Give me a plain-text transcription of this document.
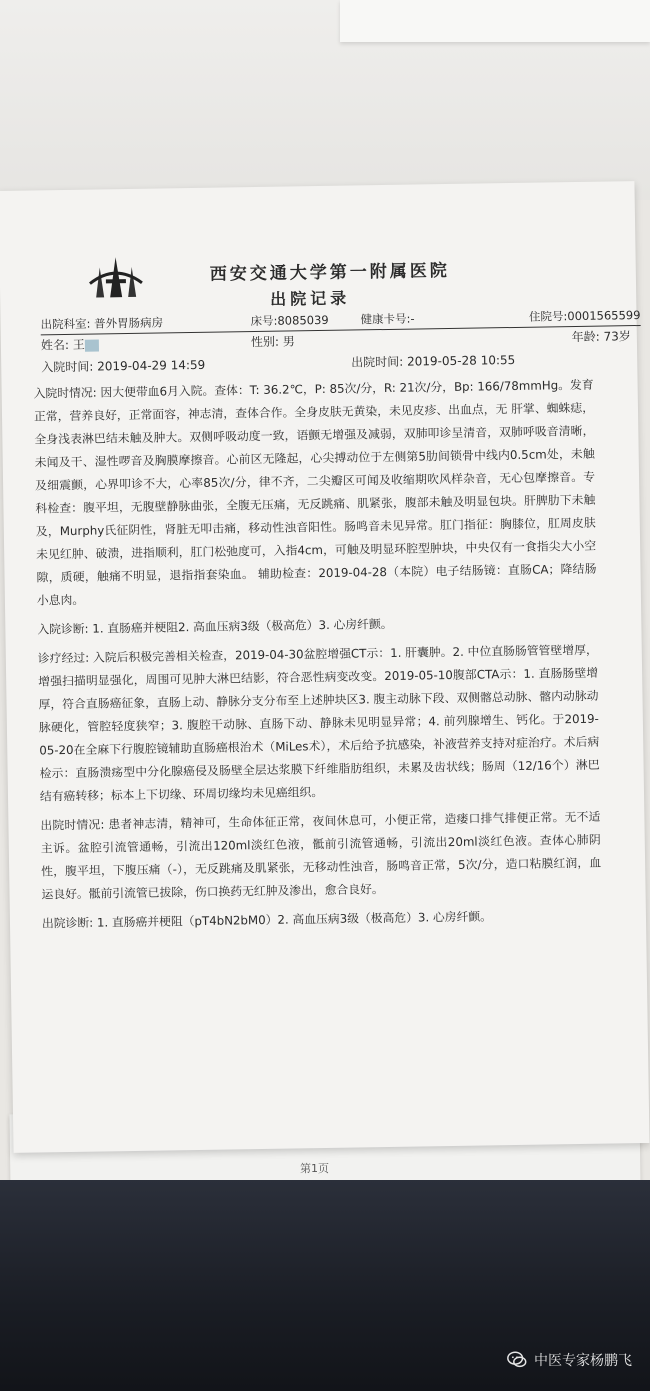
第1页
中医专家杨鹏飞
西安交通大学第一附属医院
出院记录
出院科室: 普外胃肠病房	床号:8085039	健康卡号:-	住院号:0001565599
姓名: 王	性别: 男	年龄: 73岁
入院时间: 2019-04-29 14:59	出院时间: 2019-05-28 10:55

入院时情况: 因大便带血6月入院。查体：T: 36.2℃，P: 85次/分，R: 21次/分，Bp: 166/78mmHg。发育正常，营养良好，正常面容，神志清，查体合作。全身皮肤无黄染，未见皮疹、出血点，无 肝掌、蜘蛛痣，全身浅表淋巴结未触及肿大。双侧呼吸动度一致，语颤无增强及减弱，双肺叩诊呈清音，双肺呼吸音清晰，未闻及干、湿性啰音及胸膜摩擦音。心前区无隆起，心尖搏动位于左侧第5肋间锁骨中线内0.5cm处，未触及细震颤，心界叩诊不大，心率85次/分，律不齐，二尖瓣区可闻及收缩期吹风样杂音，无心包摩擦音。专科检查：腹平坦，无腹壁静脉曲张，全腹无压痛，无反跳痛、肌紧张，腹部未触及明显包块。肝脾肋下未触及，Murphy氏征阴性，肾脏无叩击痛，移动性浊音阳性。肠鸣音未见异常。肛门指征：胸膝位，肛周皮肤未见红肿、破溃，进指顺利，肛门松弛度可，入指4cm，可触及明显环腔型肿块，中央仅有一食指尖大小空隙，质硬，触痛不明显，退指指套染血。 辅助检查：2019-04-28（本院）电子结肠镜：直肠CA；降结肠小息肉。

入院诊断: 1. 直肠癌并梗阻2. 高血压病3级（极高危）3. 心房纤颤。

诊疗经过: 入院后积极完善相关检查，2019-04-30盆腔增强CT示：1. 肝囊肿。2. 中位直肠肠管管壁增厚，增强扫描明显强化，周围可见肿大淋巴结影，符合恶性病变改变。2019-05-10腹部CTA示：1. 直肠肠壁增厚，符合直肠癌征象，直肠上动、静脉分支分布至上述肿块区3. 腹主动脉下段、双侧髂总动脉、髂内动脉动脉硬化，管腔轻度狭窄；3. 腹腔干动脉、直肠下动、静脉未见明显异常；4. 前列腺增生、钙化。于2019-05-20在全麻下行腹腔镜辅助直肠癌根治术（MiLes术），术后给予抗感染，补液营养支持对症治疗。术后病检示：直肠溃疡型中分化腺癌侵及肠壁全层达浆膜下纤维脂肪组织，未累及齿状线；肠周（12/16个）淋巴结有癌转移；标本上下切缘、环周切缘均未见癌组织。

出院时情况: 患者神志清，精神可，生命体征正常，夜间休息可，小便正常，造瘘口排气排便正常。无不适主诉。盆腔引流管通畅，引流出120ml淡红色液，骶前引流管通畅，引流出20ml淡红色液。查体心肺阴性，腹平坦，下腹压痛（-），无反跳痛及肌紧张，无移动性浊音，肠鸣音正常，5次/分，造口粘膜红润，血运良好。骶前引流管已拔除，伤口换药无红肿及渗出，愈合良好。

出院诊断: 1. 直肠癌并梗阻（pT4bN2bM0）2. 高血压病3级（极高危）3. 心房纤颤。
